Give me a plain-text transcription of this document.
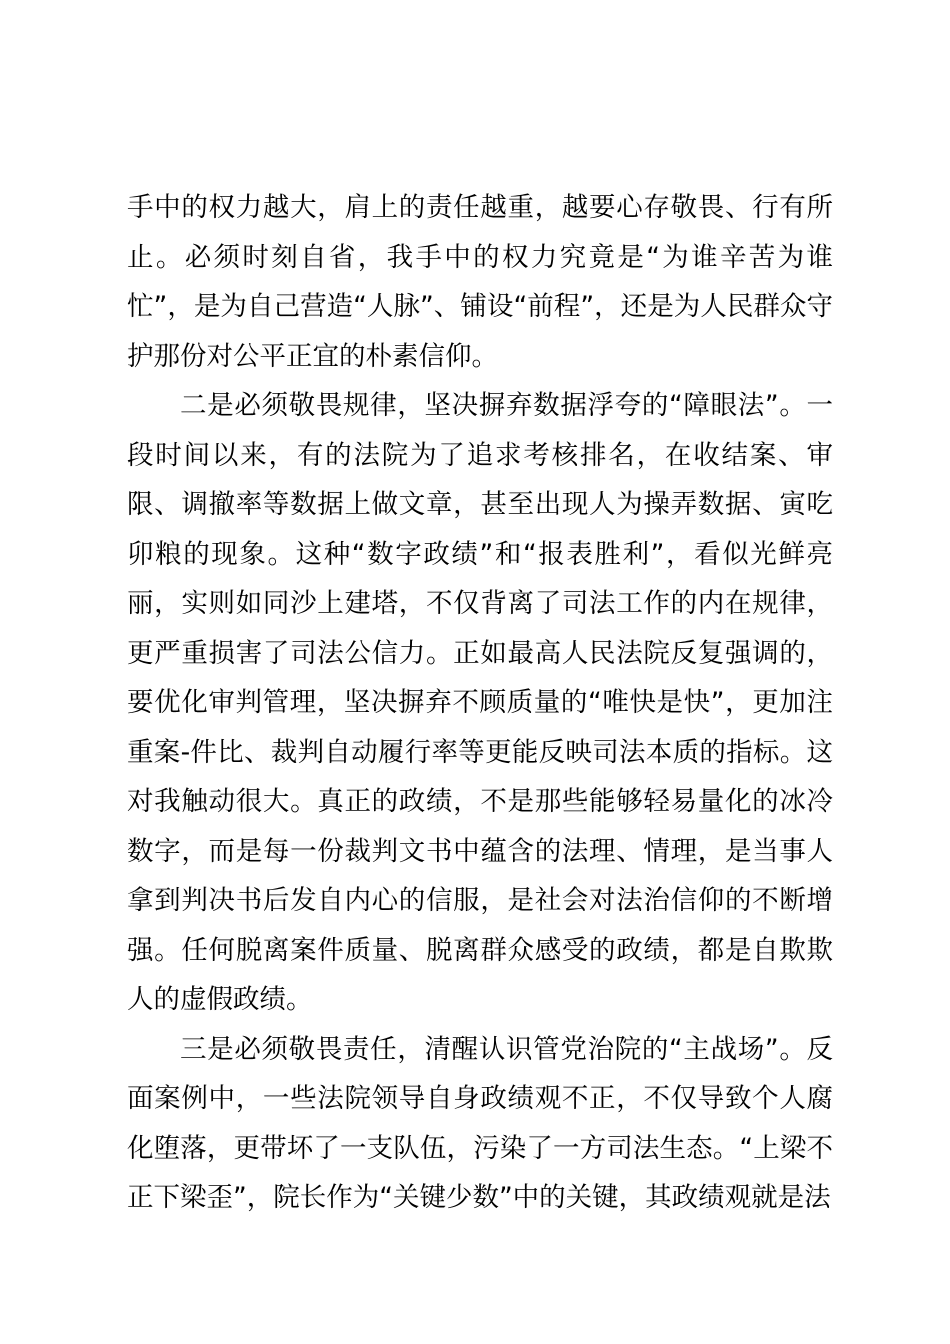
手中的权力越大，肩上的责任越重，越要心存敬畏、行有所止。必须时刻自省，我手中的权力究竟是“为谁辛苦为谁忙”，是为自己营造“人脉”、铺设“前程”，还是为人民群众守护那份对公平正宜的朴素信仰。

二是必须敬畏规律，坚决摒弃数据浮夸的“障眼法”。一段时间以来，有的法院为了追求考核排名，在收结案、审限、调撤率等数据上做文章，甚至出现人为操弄数据、寅吃卯粮的现象。这种“数字政绩”和“报表胜利”，看似光鲜亮丽，实则如同沙上建塔，不仅背离了司法工作的内在规律，更严重损害了司法公信力。正如最高人民法院反复强调的，要优化审判管理，坚决摒弃不顾质量的“唯快是快”，更加注重案-件比、裁判自动履行率等更能反映司法本质的指标。这对我触动很大。真正的政绩，不是那些能够轻易量化的冰冷数字，而是每一份裁判文书中蕴含的法理、情理，是当事人拿到判决书后发自内心的信服，是社会对法治信仰的不断增强。任何脱离案件质量、脱离群众感受的政绩，都是自欺欺人的虚假政绩。

三是必须敬畏责任，清醒认识管党治院的“主战场”。反面案例中，一些法院领导自身政绩观不正，不仅导致个人腐化堕落，更带坏了一支队伍，污染了一方司法生态。“上梁不正下梁歪”，院长作为“关键少数”中的关键，其政绩观就是法
